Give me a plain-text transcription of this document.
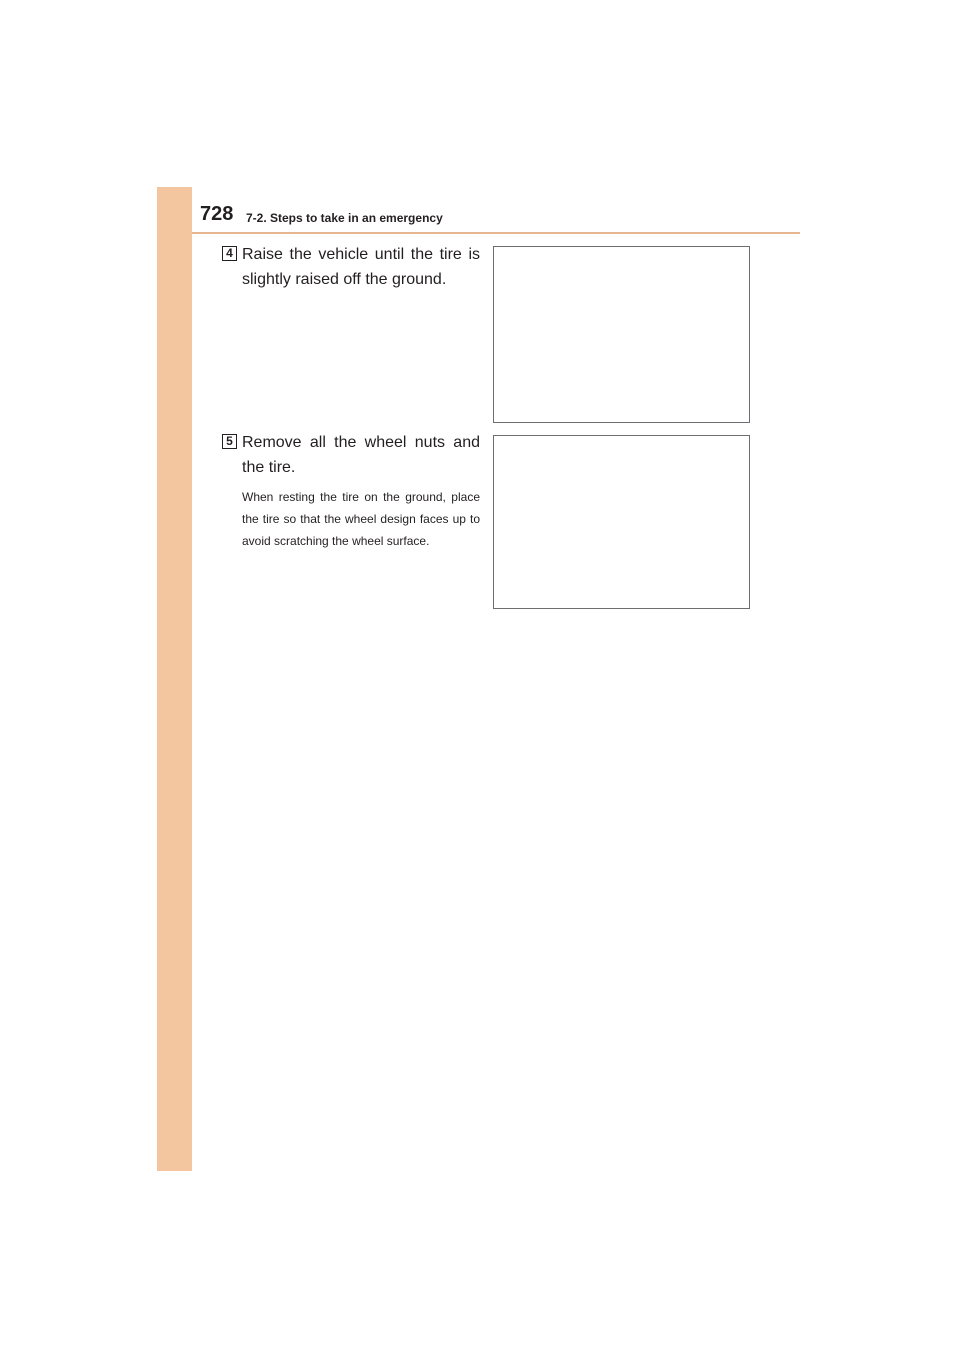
728 7-2. Steps to take in an emergency
4 Raise the vehicle until the tire is slightly raised off the ground.
5 Remove all the wheel nuts and the tire.
When resting the tire on the ground, place the tire so that the wheel design faces up to avoid scratching the wheel surface.
